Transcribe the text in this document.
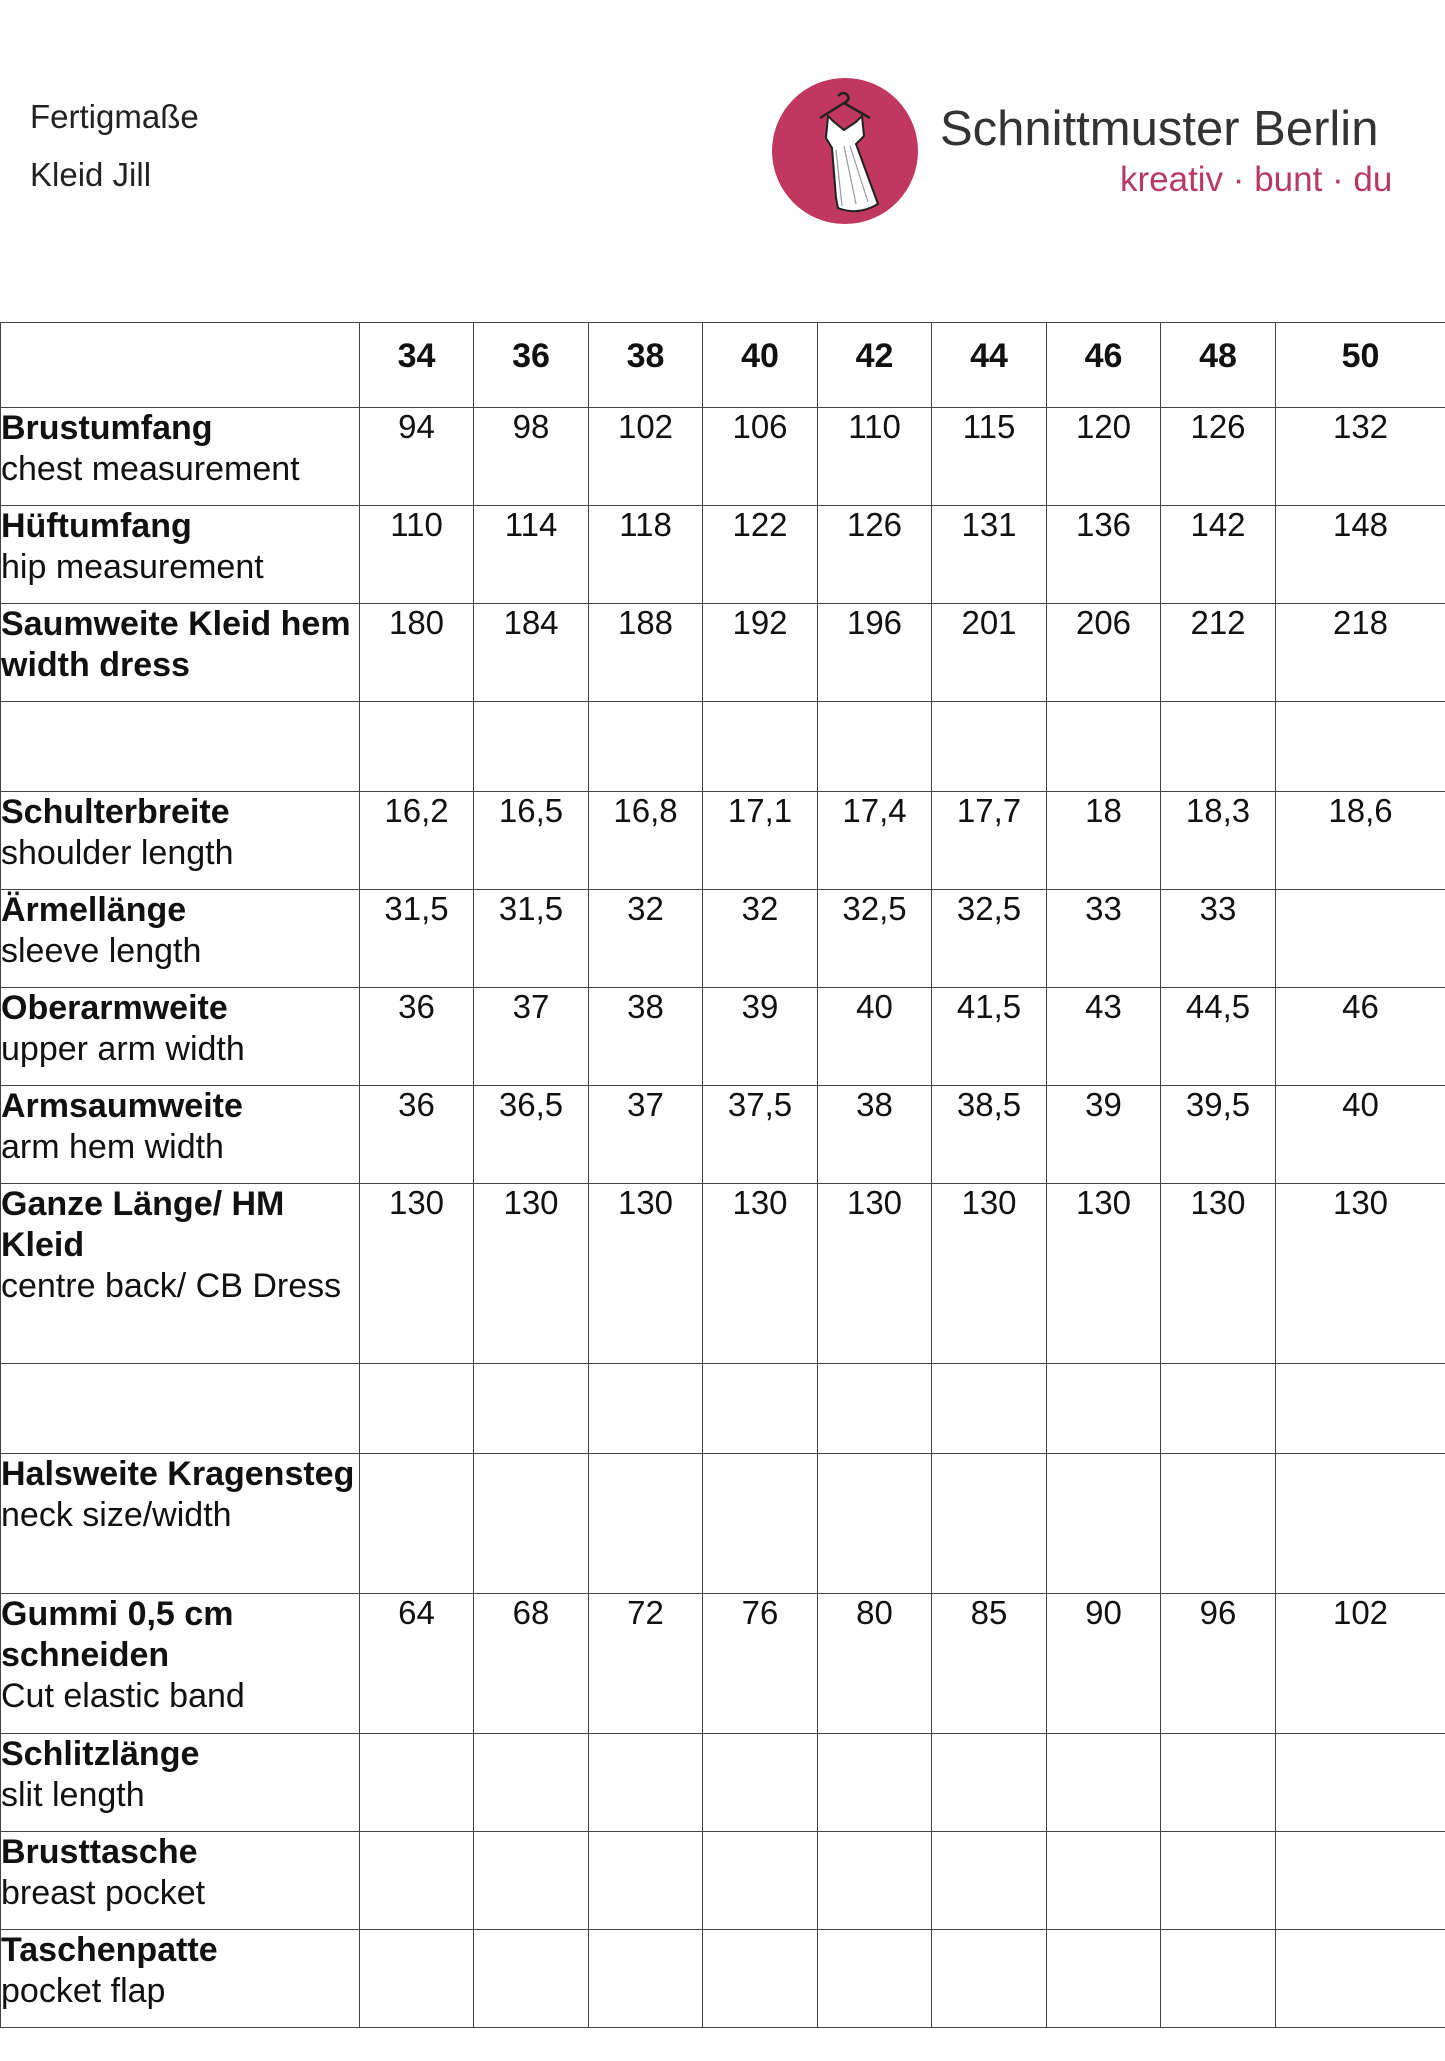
Fertigmaße
Kleid Jill
Schnittmuster Berlin
kreativ · bunt · du
	34	36	38	40	42	44	46	48	50

Brustumfang
chest measurement	94	98	102	106	110	115	120	126	132

Hüftumfang
hip measurement	110	114	118	122	126	131	136	142	148

Saumweite Kleid hem width dress	180	184	188	192	196	201	206	212	218

Schulterbreite
shoulder length	16,2	16,5	16,8	17,1	17,4	17,7	18	18,3	18,6

Ärmellänge
sleeve length	31,5	31,5	32	32	32,5	32,5	33	33	

Oberarmweite
upper arm width	36	37	38	39	40	41,5	43	44,5	46

Armsaumweite
arm hem width	36	36,5	37	37,5	38	38,5	39	39,5	40

Ganze Länge/ HM Kleid
centre back/ CB Dress	130	130	130	130	130	130	130	130	130

Halsweite Kragensteg
neck size/width									

Gummi 0,5 cm schneiden
Cut elastic band	64	68	72	76	80	85	90	96	102

Schlitzlänge
slit length									

Brusttasche
breast pocket									

Taschenpatte
pocket flap									
